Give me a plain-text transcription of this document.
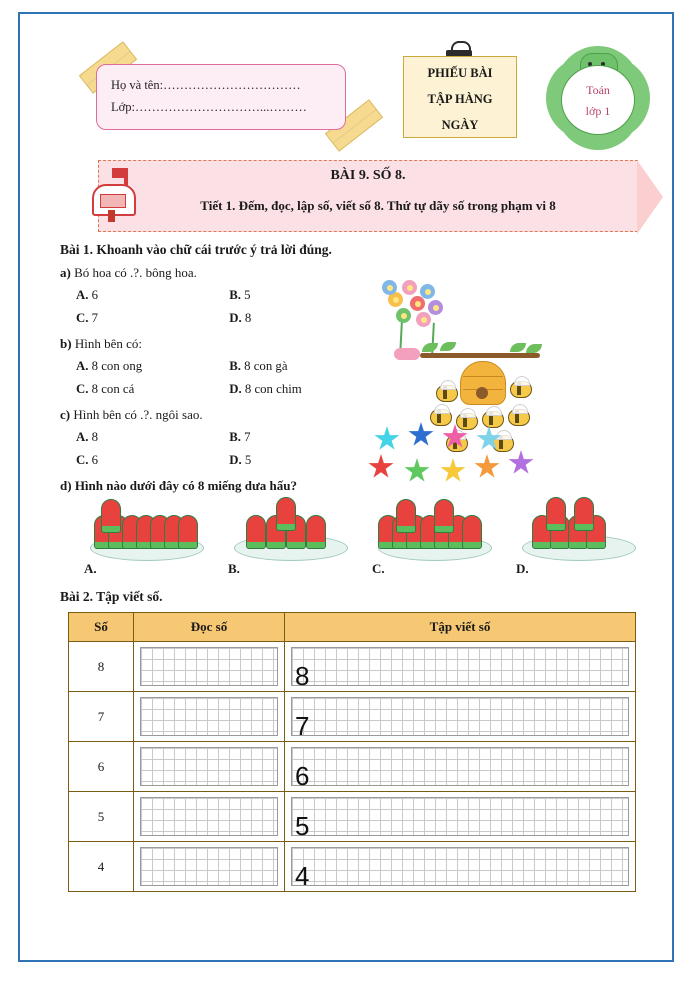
Họ và tên:……………………………
Lớp:…………………………...………
PHIẾU BÀI
TẬP HÀNG
NGÀY
Toán
lớp 1
BÀI 9. SỐ 8.
Tiết 1. Đếm, đọc, lập số, viết số 8. Thứ tự dãy số trong phạm vi 8
Bài 1. Khoanh vào chữ cái trước ý trả lời đúng.
a) Bó hoa có .?. bông hoa.
A. 6	B. 5
C. 7	D. 8
b) Hình bên có:
A. 8 con ong	B. 8 con gà
C. 8 con cá	D. 8 con chim
c) Hình bên có .?. ngôi sao.
A. 8	B. 7
C. 6	D. 5
d) Hình nào dưới đây có 8 miếng dưa hấu?
A.	B.	C.	D.
Bài 2. Tập viết số.
Số	Đọc số	Tập viết số
8		8

7		7

6		6

5		5

4		4
